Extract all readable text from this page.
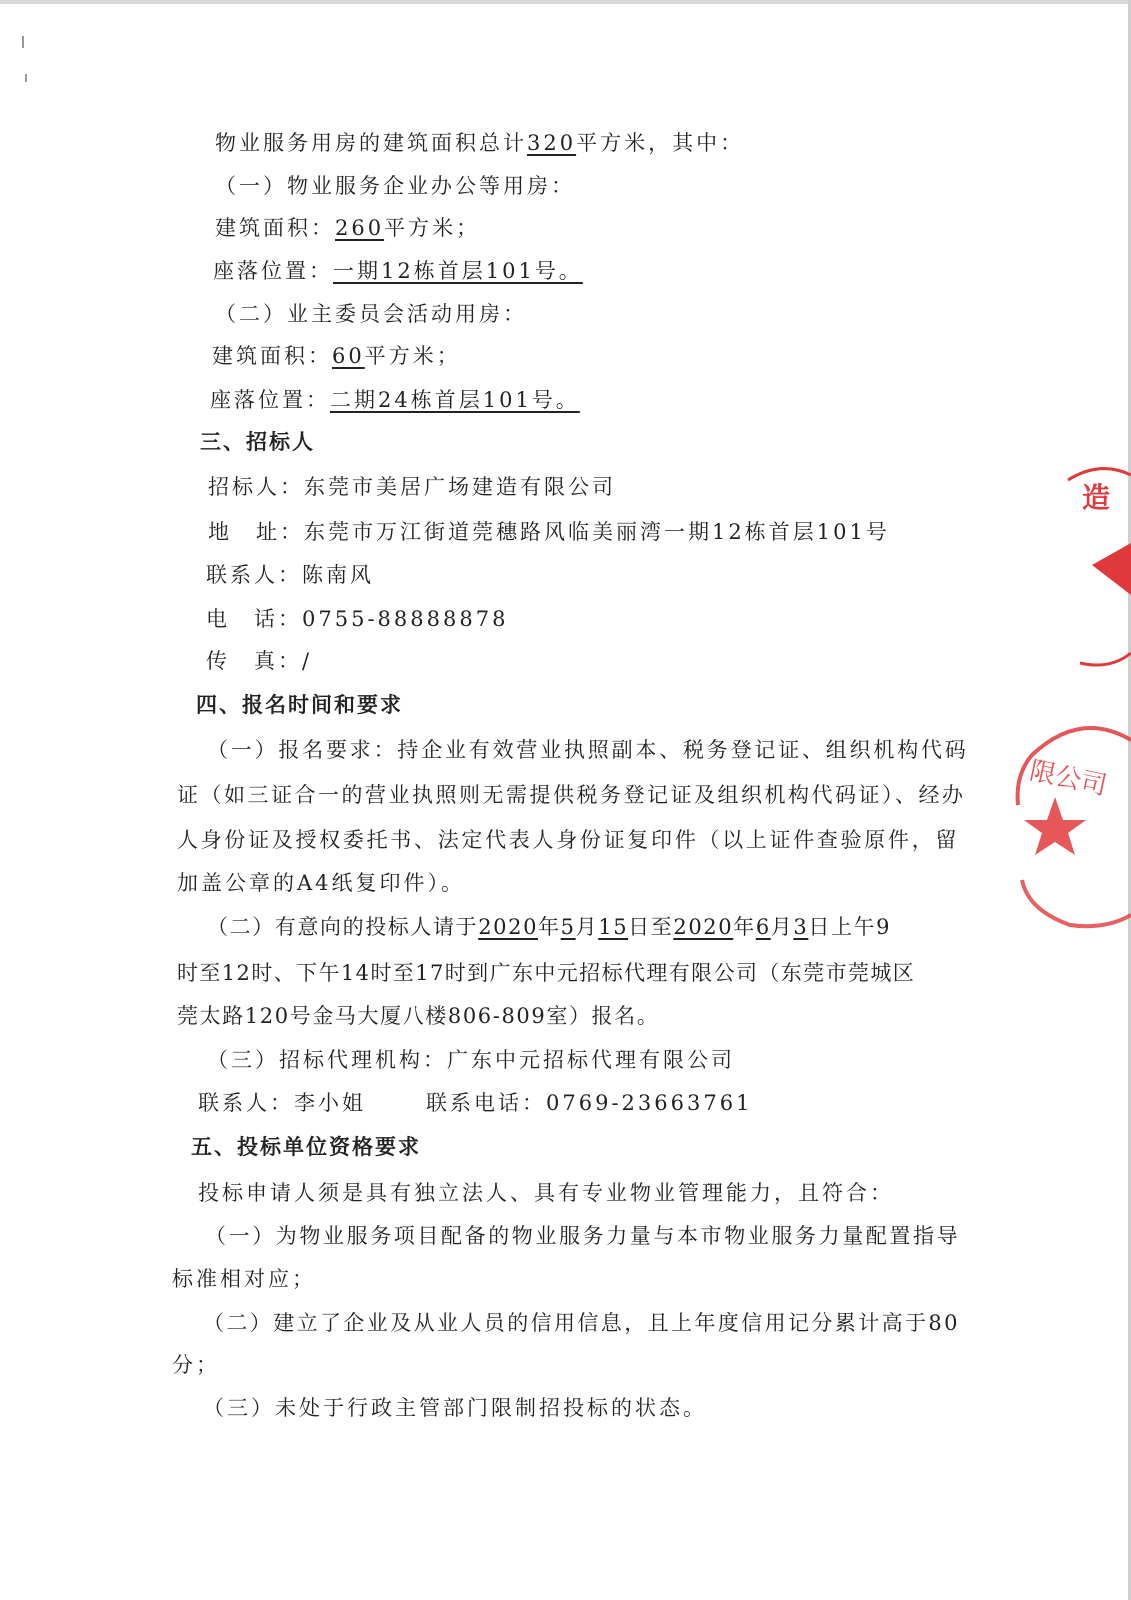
物业服务用房的建筑面积总计320平方米，其中：
（一）物业服务企业办公等用房：
建筑面积：260平方米；
座落位置：一期12栋首层101号。
（二）业主委员会活动用房：
建筑面积：60平方米；
座落位置：二期24栋首层101号。
三、招标人
招标人：东莞市美居广场建造有限公司
地　址：东莞市万江街道莞穗路风临美丽湾一期12栋首层101号
联系人：陈南风
电　话：0755-88888878
传　真：/
四、报名时间和要求
（一）报名要求：持企业有效营业执照副本、税务登记证、组织机构代码
证（如三证合一的营业执照则无需提供税务登记证及组织机构代码证）、经办
人身份证及授权委托书、法定代表人身份证复印件（以上证件查验原件，留
加盖公章的A4纸复印件）。
（二）有意向的投标人请于2020年5月15日至2020年6月3日上午9
时至12时、下午14时至17时到广东中元招标代理有限公司（东莞市莞城区
莞太路120号金马大厦八楼806-809室）报名。
（三）招标代理机构：广东中元招标代理有限公司
联系人：李小姐	联系电话：0769-23663761
五、投标单位资格要求
投标申请人须是具有独立法人、具有专业物业管理能力，且符合：
（一）为物业服务项目配备的物业服务力量与本市物业服务力量配置指导
标准相对应；
（二）建立了企业及从业人员的信用信息，且上年度信用记分累计高于80
分；
（三）未处于行政主管部门限制招投标的状态。
造
限公司
